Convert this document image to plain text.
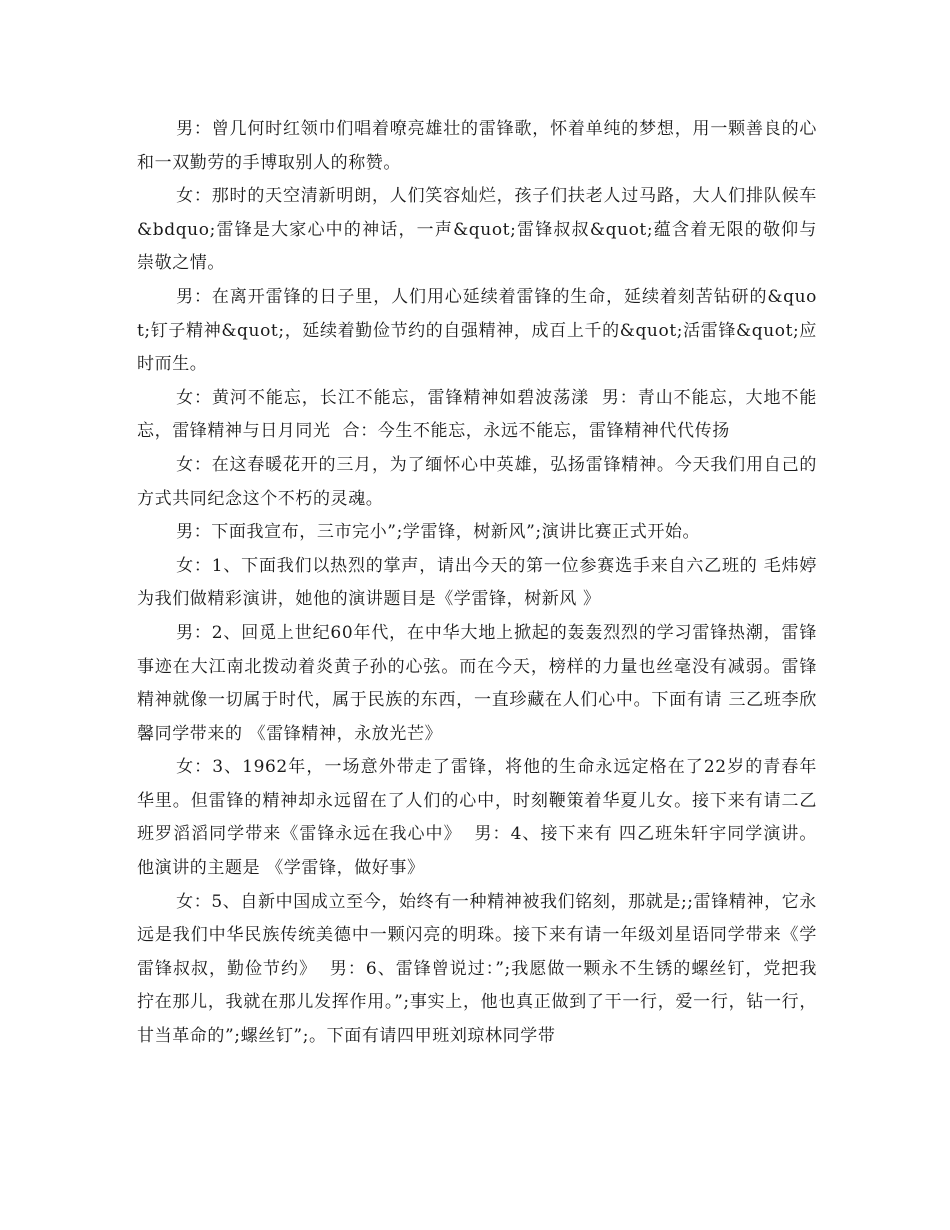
男：曾几何时红领巾们唱着嘹亮雄壮的雷锋歌，怀着单纯的梦想，用一颗善良的心和一双勤劳的手博取别人的称赞。

女：那时的天空清新明朗，人们笑容灿烂，孩子们扶老人过马路，大人们排队候车&bdquo;雷锋是大家心中的神话，一声&quot;雷锋叔叔&quot;蕴含着无限的敬仰与崇敬之情。

男：在离开雷锋的日子里，人们用心延续着雷锋的生命，延续着刻苦钻研的&quot;钉子精神&quot;，延续着勤俭节约的自强精神，成百上千的&quot;活雷锋&quot;应时而生。

女：黄河不能忘，长江不能忘，雷锋精神如碧波荡漾  男：青山不能忘，大地不能忘，雷锋精神与日月同光  合：今生不能忘，永远不能忘，雷锋精神代代传扬

女：在这春暖花开的三月，为了缅怀心中英雄，弘扬雷锋精神。今天我们用自己的方式共同纪念这个不朽的灵魂。

男：下面我宣布，三市完小”;学雷锋，树新风”;演讲比赛正式开始。

女：1、下面我们以热烈的掌声，请出今天的第一位参赛选手来自六乙班的 毛炜婷 为我们做精彩演讲，她他的演讲题目是《学雷锋，树新风 》

男：2、回觅上世纪60年代，在中华大地上掀起的轰轰烈烈的学习雷锋热潮，雷锋事迹在大江南北拨动着炎黄子孙的心弦。而在今天，榜样的力量也丝毫没有减弱。雷锋精神就像一切属于时代，属于民族的东西，一直珍藏在人们心中。下面有请 三乙班李欣馨同学带来的 《雷锋精神，永放光芒》

女：3、1962年，一场意外带走了雷锋，将他的生命永远定格在了22岁的青春年华里。但雷锋的精神却永远留在了人们的心中，时刻鞭策着华夏儿女。接下来有请二乙班罗滔滔同学带来《雷锋永远在我心中》  男：4、接下来有 四乙班朱轩宇同学演讲。他演讲的主题是 《学雷锋，做好事》

女：5、自新中国成立至今，始终有一种精神被我们铭刻，那就是;;雷锋精神，它永远是我们中华民族传统美德中一颗闪亮的明珠。接下来有请一年级刘星语同学带来《学雷锋叔叔，勤俭节约》  男：6、雷锋曾说过：”;我愿做一颗永不生锈的螺丝钉，党把我拧在那儿，我就在那儿发挥作用。”;事实上，他也真正做到了干一行，爱一行，钻一行，甘当革命的”;螺丝钉”;。下面有请四甲班刘琼林同学带
